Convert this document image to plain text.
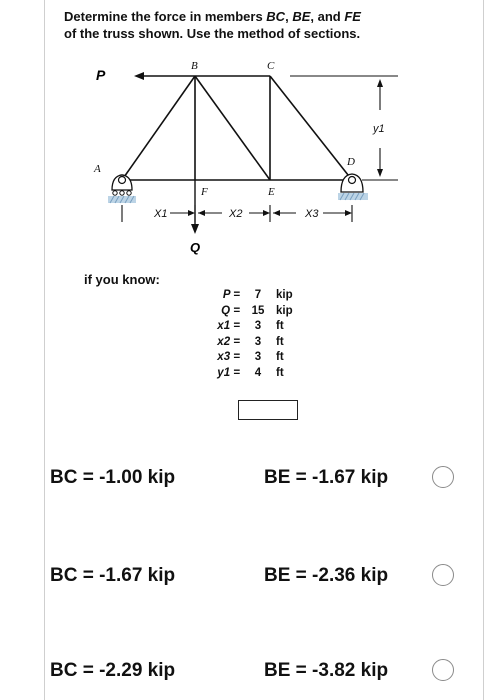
Determine the force in members BC, BE, and FE
of the truss shown. Use the method of sections.
P
Q
A
B	C
D
E
F
X1	X2	X3
y1
if you know:
P =	7	kip
Q =	15	kip
x1 =	3	ft
x2 =	3	ft
x3 =	3	ft
y1 =	4	ft
BC = -1.00 kip	BE = -1.67 kip
BC = -1.67 kip	BE = -2.36 kip
BC = -2.29 kip	BE = -3.82 kip
